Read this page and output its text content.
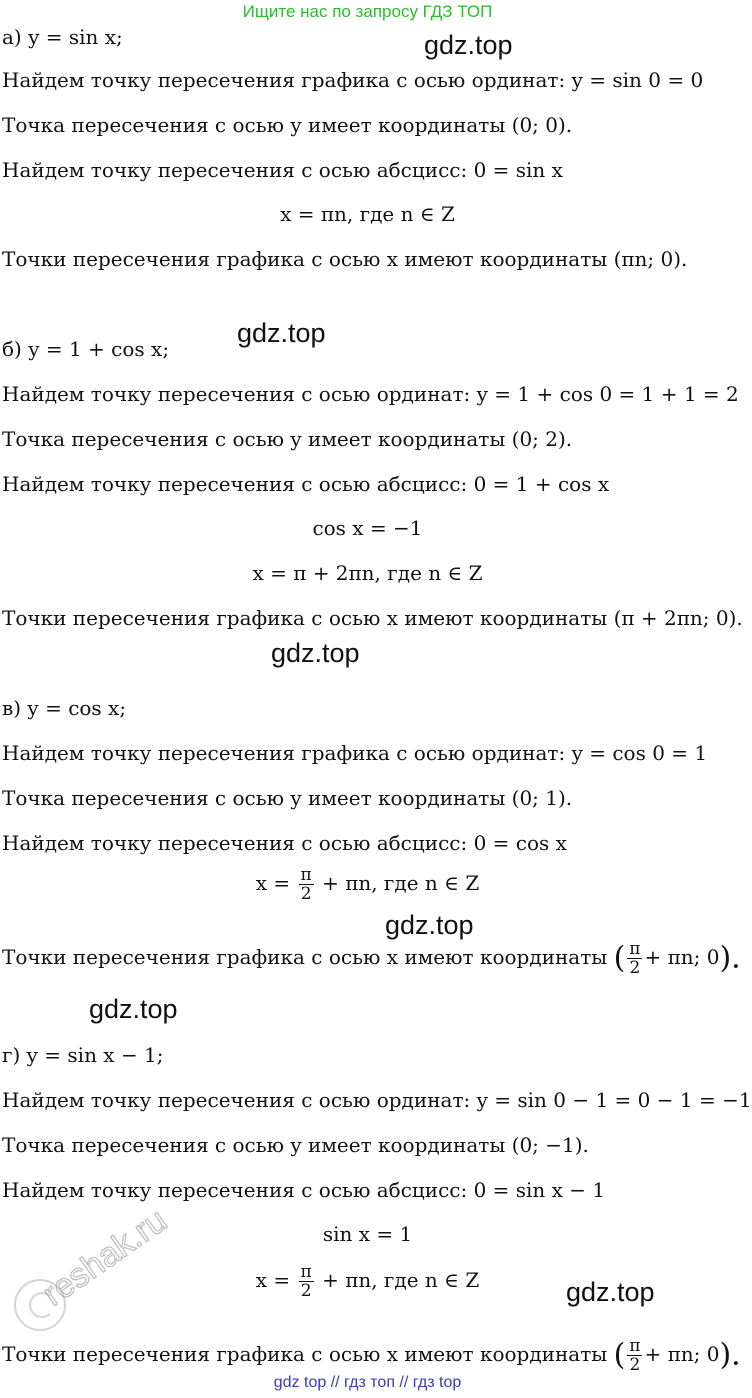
Ищите нас по запросу ГДЗ ТОП
а) y = sin x;	gdz.top
Найдем точку пересечения графика с осью ординат: y = sin 0 = 0
Точка пересечения с осью y имеет координаты (0; 0).
Найдем точку пересечения с осью абсцисс: 0 = sin x
x = πn, где n ∈ Z
Точки пересечения графика с осью x имеют координаты (πn; 0).
gdz.top
б) y = 1 + cos x;
Найдем точку пересечения с осью ординат: y = 1 + cos 0 = 1 + 1 = 2
Точка пересечения с осью y имеет координаты (0; 2).
Найдем точку пересечения с осью абсцисс: 0 = 1 + cos x
cos x = −1
x = π + 2πn, где n ∈ Z
Точки пересечения графика с осью x имеют координаты (π + 2πn; 0).
gdz.top
в) y = cos x;
Найдем точку пересечения графика с осью ординат: y = cos 0 = 1
Точка пересечения с осью y имеет координаты (0; 1).
Найдем точку пересечения с осью абсцисс: 0 = cos x
$x = \frac{\pi}{2} + \pi n$, где n ∈ Z
gdz.top
Точки пересечения графика с осью x имеют координаты ( $\frac{\pi}{2} + \pi n$; 0).
gdz.top
г) y = sin x − 1;
Найдем точку пересечения с осью ординат: y = sin 0 − 1 = 0 − 1 = −1
Точка пересечения с осью y имеет координаты (0; −1).
Найдем точку пересечения с осью абсцисс: 0 = sin x − 1
sin x = 1
$x = \frac{\pi}{2} + \pi n$, где n ∈ Z	gdz.top
Точки пересечения графика с осью x имеют координаты ( $\frac{\pi}{2} + \pi n$; 0).
reshak.ru
gdz top // гдз топ // гдз top
